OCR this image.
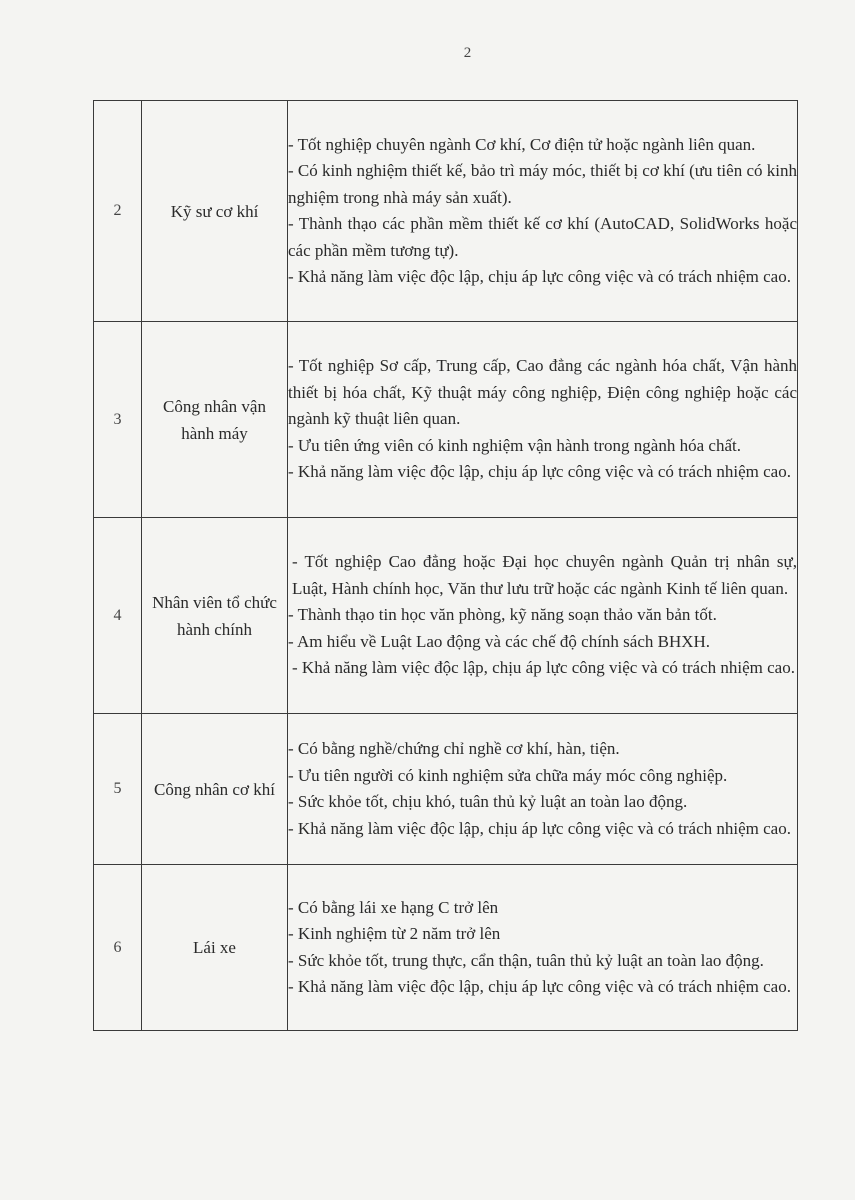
2
2	Kỹ sư cơ khí	- Tốt nghiệp chuyên ngành Cơ khí, Cơ điện tử hoặc ngành liên quan.
- Có kinh nghiệm thiết kế, bảo trì máy móc, thiết bị cơ khí (ưu tiên có kinh nghiệm trong nhà máy sản xuất).
- Thành thạo các phần mềm thiết kế cơ khí (AutoCAD, SolidWorks hoặc các phần mềm tương tự).
- Khả năng làm việc độc lập, chịu áp lực công việc và có trách nhiệm cao.

3	Công nhân vận hành máy	- Tốt nghiệp Sơ cấp, Trung cấp, Cao đẳng các ngành hóa chất, Vận hành thiết bị hóa chất, Kỹ thuật máy công nghiệp, Điện công nghiệp hoặc các ngành kỹ thuật liên quan.
- Ưu tiên ứng viên có kinh nghiệm vận hành trong ngành hóa chất.
- Khả năng làm việc độc lập, chịu áp lực công việc và có trách nhiệm cao.

4	Nhân viên tổ chức hành chính	- Tốt nghiệp Cao đẳng hoặc Đại học chuyên ngành Quản trị nhân sự, Luật, Hành chính học, Văn thư lưu trữ hoặc các ngành Kinh tế liên quan.
- Thành thạo tin học văn phòng, kỹ năng soạn thảo văn bản tốt.
- Am hiểu về Luật Lao động và các chế độ chính sách BHXH.
- Khả năng làm việc độc lập, chịu áp lực công việc và có trách nhiệm cao.

5	Công nhân cơ khí	- Có bằng nghề/chứng chỉ nghề cơ khí, hàn, tiện.
- Ưu tiên người có kinh nghiệm sửa chữa máy móc công nghiệp.
- Sức khỏe tốt, chịu khó, tuân thủ kỷ luật an toàn lao động.
- Khả năng làm việc độc lập, chịu áp lực công việc và có trách nhiệm cao.

6	Lái xe	- Có bằng lái xe hạng C trở lên
- Kinh nghiệm từ 2 năm trở lên
- Sức khỏe tốt, trung thực, cẩn thận, tuân thủ kỷ luật an toàn lao động.
- Khả năng làm việc độc lập, chịu áp lực công việc và có trách nhiệm cao.
